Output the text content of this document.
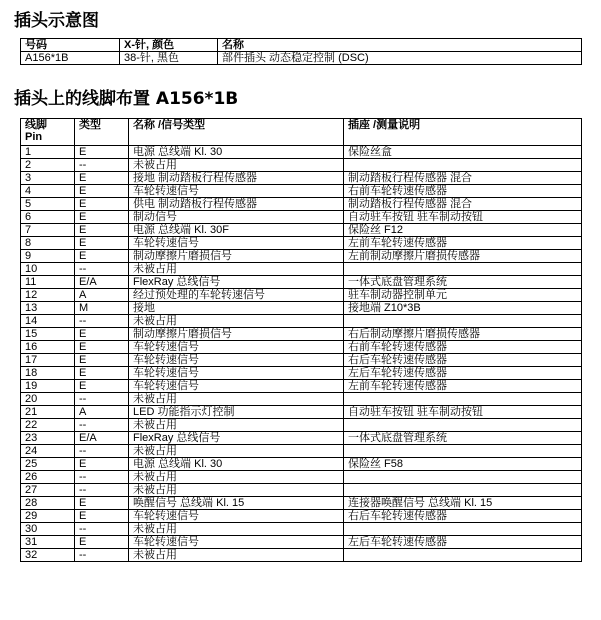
插头示意图
号码	X-针, 颜色	名称
A156*1B	38-针, 黑色	部件插头 动态稳定控制 (DSC)
插头上的线脚布置 A156*1B
线脚
Pin	类型	名称 /信号类型	插座 /测量说明
1	E	电源 总线端 Kl. 30	保险丝盒
2	--	未被占用	
3	E	接地 制动踏板行程传感器	制动踏板行程传感器 混合
4	E	车轮转速信号	右前车轮转速传感器
5	E	供电 制动踏板行程传感器	制动踏板行程传感器 混合
6	E	制动信号	自动驻车按钮 驻车制动按钮
7	E	电源 总线端 Kl. 30F	保险丝 F12
8	E	车轮转速信号	左前车轮转速传感器
9	E	制动摩擦片磨损信号	左前制动摩擦片磨损传感器
10	--	未被占用	
11	E/A	FlexRay 总线信号	一体式底盘管理系统
12	A	经过预处理的车轮转速信号	驻车制动器控制单元
13	M	接地	接地端 Z10*3B
14	--	未被占用	
15	E	制动摩擦片磨损信号	右后制动摩擦片磨损传感器
16	E	车轮转速信号	右前车轮转速传感器
17	E	车轮转速信号	右后车轮转速传感器
18	E	车轮转速信号	左后车轮转速传感器
19	E	车轮转速信号	左前车轮转速传感器
20	--	未被占用	
21	A	LED 功能指示灯控制	自动驻车按钮 驻车制动按钮
22	--	未被占用	
23	E/A	FlexRay 总线信号	一体式底盘管理系统
24	--	未被占用	
25	E	电源 总线端 Kl. 30	保险丝 F58
26	--	未被占用	
27	--	未被占用	
28	E	唤醒信号 总线端 Kl. 15	连接器唤醒信号 总线端 Kl. 15
29	E	车轮转速信号	右后车轮转速传感器
30	--	未被占用	
31	E	车轮转速信号	左后车轮转速传感器
32	--	未被占用	
